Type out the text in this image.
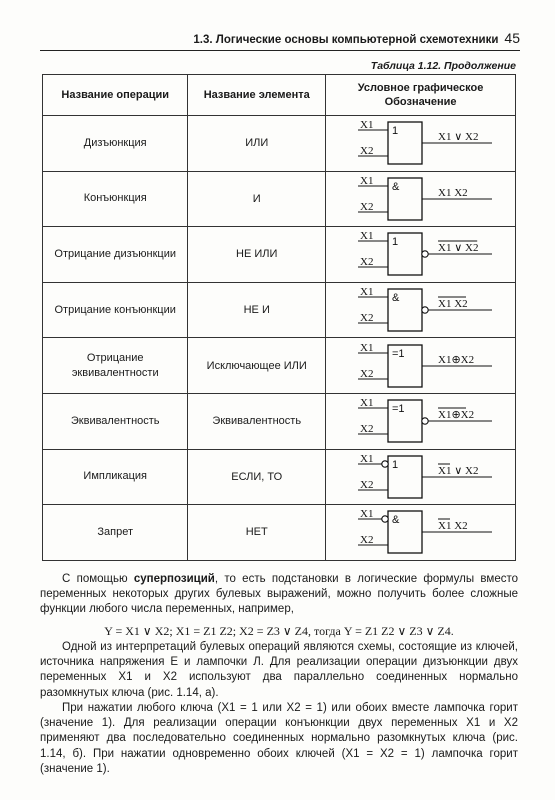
1.3. Логические основы компьютерной схемотехники 45
Таблица 1.12. Продолжение
Название операции	Название элемента	Условное графическое Обозначение
Дизъюнкция	ИЛИ	X1
X2
1 X1 ∨ X2

Конъюнкция	И	X1
X2
& X1 X2

Отрицание дизъюнкции	НЕ ИЛИ	X1
X2
1 X1 ∨ X2

Отрицание конъюнкции	НЕ И	X1
X2
& X1 X2

Отрицание эквивалентности	Исключающее ИЛИ	X1
X2
=1 X1⊕X2

Эквивалентность	Эквивалентность	X1
X2
=1 X1⊕X2

Импликация	ЕСЛИ, ТО	X1
X2
1 X1 ∨ X2

Запрет	НЕТ	X1
X2
& X1 X2

С помощью суперпозиций, то есть подстановки в логические формулы вместо переменных некоторых других булевых выражений, можно получить более сложные функции любого числа переменных, например,

Y = X1 ∨ X2; X1 = Z1 Z2; X2 = Z3 ∨ Z4, тогда Y = Z1 Z2 ∨ Z3 ∨ Z4.

Одной из интерпретаций булевых операций являются схемы, состоящие из ключей, источника напряжения E и лампочки Л. Для реализации операции дизъюнкции двух переменных X1 и X2 используют два параллельно соединенных нормально разомкнутых ключа (рис. 1.14, а).

При нажатии любого ключа (X1 = 1 или X2 = 1) или обоих вместе лампочка горит (значение 1). Для реализации операции конъюнкции двух переменных X1 и X2 применяют два последовательно соединенных нормально разомкнутых ключа (рис. 1.14, б). При нажатии одновременно обоих ключей (X1 = X2 = 1) лампочка горит (значение 1).
